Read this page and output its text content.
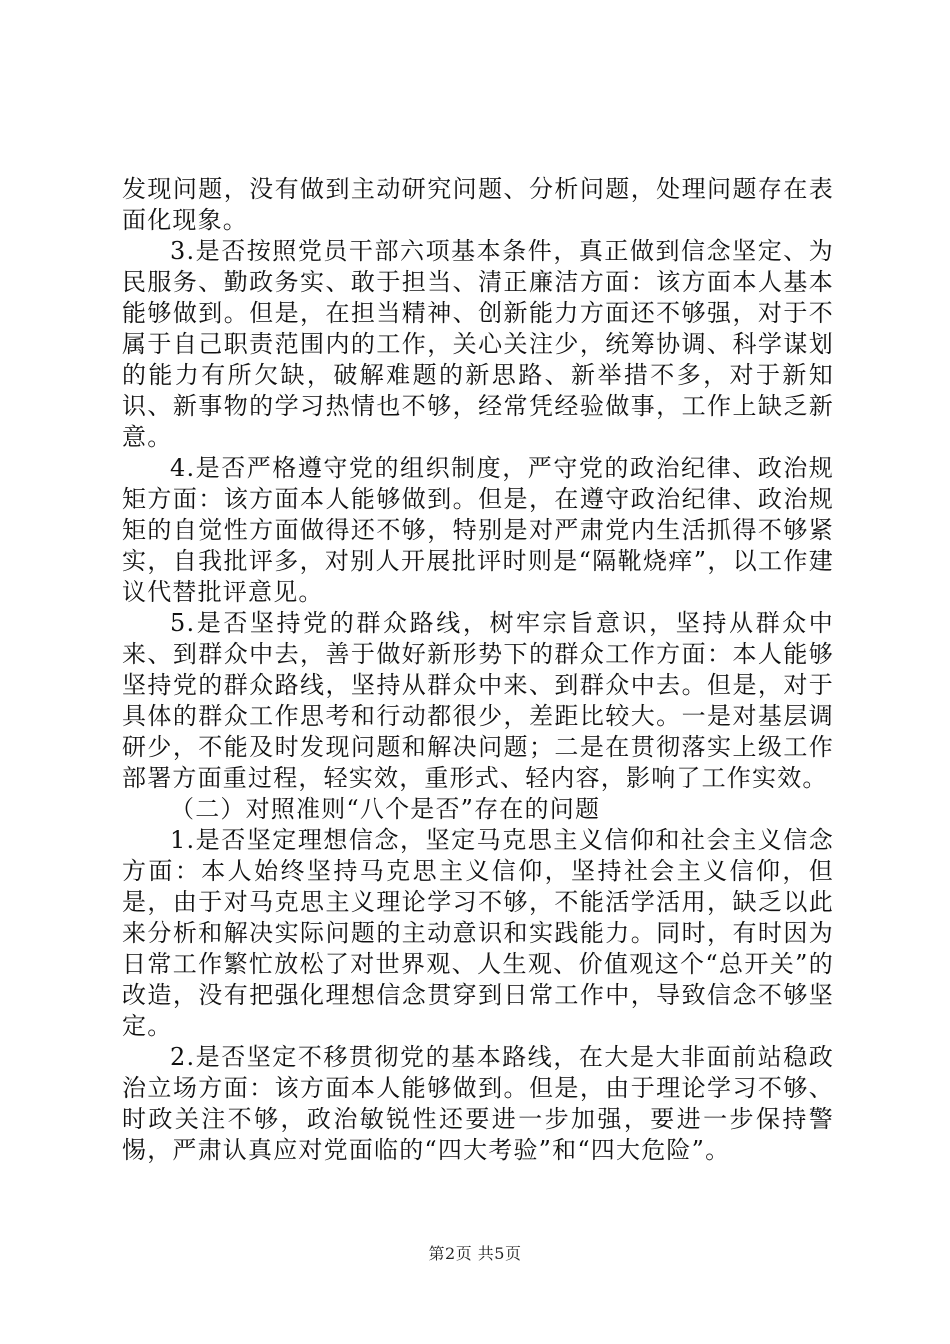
发现问题，没有做到主动研究问题、分析问题，处理问题存在表面化现象。

3.是否按照党员干部六项基本条件，真正做到信念坚定、为民服务、勤政务实、敢于担当、清正廉洁方面：该方面本人基本能够做到。但是，在担当精神、创新能力方面还不够强，对于不属于自己职责范围内的工作，关心关注少，统筹协调、科学谋划的能力有所欠缺，破解难题的新思路、新举措不多，对于新知识、新事物的学习热情也不够，经常凭经验做事，工作上缺乏新意。

4.是否严格遵守党的组织制度，严守党的政治纪律、政治规矩方面：该方面本人能够做到。但是，在遵守政治纪律、政治规矩的自觉性方面做得还不够，特别是对严肃党内生活抓得不够紧实，自我批评多，对别人开展批评时则是“隔靴烧痒”，以工作建议代替批评意见。

5.是否坚持党的群众路线，树牢宗旨意识，坚持从群众中来、到群众中去，善于做好新形势下的群众工作方面：本人能够坚持党的群众路线，坚持从群众中来、到群众中去。但是，对于具体的群众工作思考和行动都很少，差距比较大。一是对基层调研少，不能及时发现问题和解决问题；二是在贯彻落实上级工作部署方面重过程，轻实效，重形式、轻内容，影响了工作实效。

（二）对照准则“八个是否”存在的问题

1.是否坚定理想信念，坚定马克思主义信仰和社会主义信念方面：本人始终坚持马克思主义信仰，坚持社会主义信仰，但是，由于对马克思主义理论学习不够，不能活学活用，缺乏以此来分析和解决实际问题的主动意识和实践能力。同时，有时因为日常工作繁忙放松了对世界观、人生观、价值观这个“总开关”的改造，没有把强化理想信念贯穿到日常工作中，导致信念不够坚定。

2.是否坚定不移贯彻党的基本路线，在大是大非面前站稳政治立场方面：该方面本人能够做到。但是，由于理论学习不够、时政关注不够，政治敏锐性还要进一步加强，要进一步保持警惕，严肃认真应对党面临的“四大考验”和“四大危险”。

第2页 共5页
